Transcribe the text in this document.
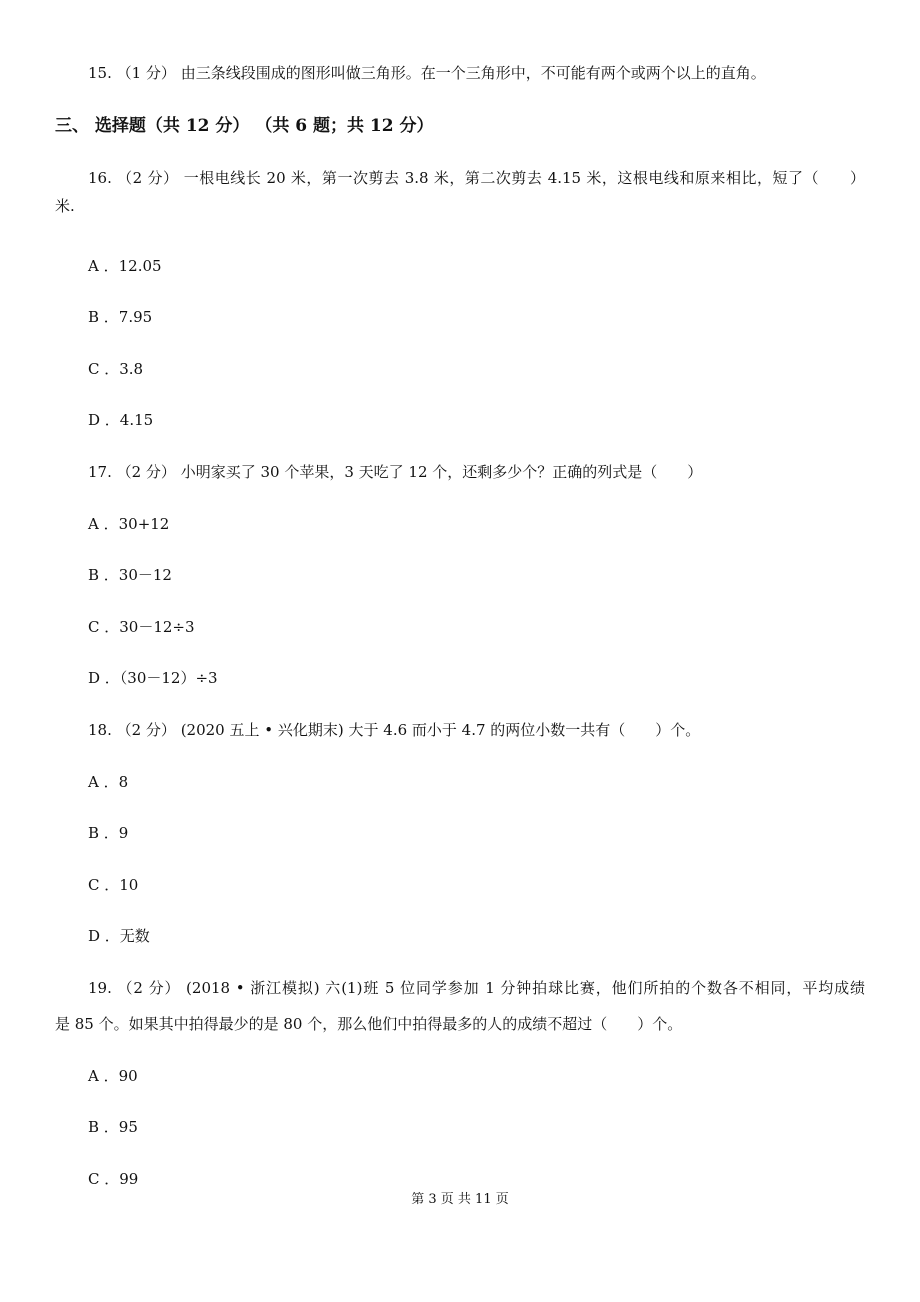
15. （1 分） 由三条线段围成的图形叫做三角形。在一个三角形中，不可能有两个或两个以上的直角。
三、 选择题（共 12 分） （共 6 题；共 12 分）
16. （2 分） 一根电线长 20 米，第一次剪去 3.8 米，第二次剪去 4.15 米，这根电线和原来相比，短了（　　）
米.
A ．12.05
B ．7.95
C ．3.8
D ．4.15
17. （2 分） 小明家买了 30 个苹果，3 天吃了 12 个，还剩多少个？正确的列式是（　　）
A ．30+12
B ．30－12
C ．30－12÷3
D ．（30－12）÷3
18. （2 分） (2020 五上 • 兴化期末) 大于 4.6 而小于 4.7 的两位小数一共有（　　）个。
A ．8
B ．9
C ．10
D ．无数
19. （2 分） (2018 • 浙江模拟) 六(1)班 5 位同学参加 1 分钟拍球比赛，他们所拍的个数各不相同，平均成绩
是 85 个。如果其中拍得最少的是 80 个，那么他们中拍得最多的人的成绩不超过（　　）个。
A ．90
B ．95
C ．99
第 3 页 共 11 页
